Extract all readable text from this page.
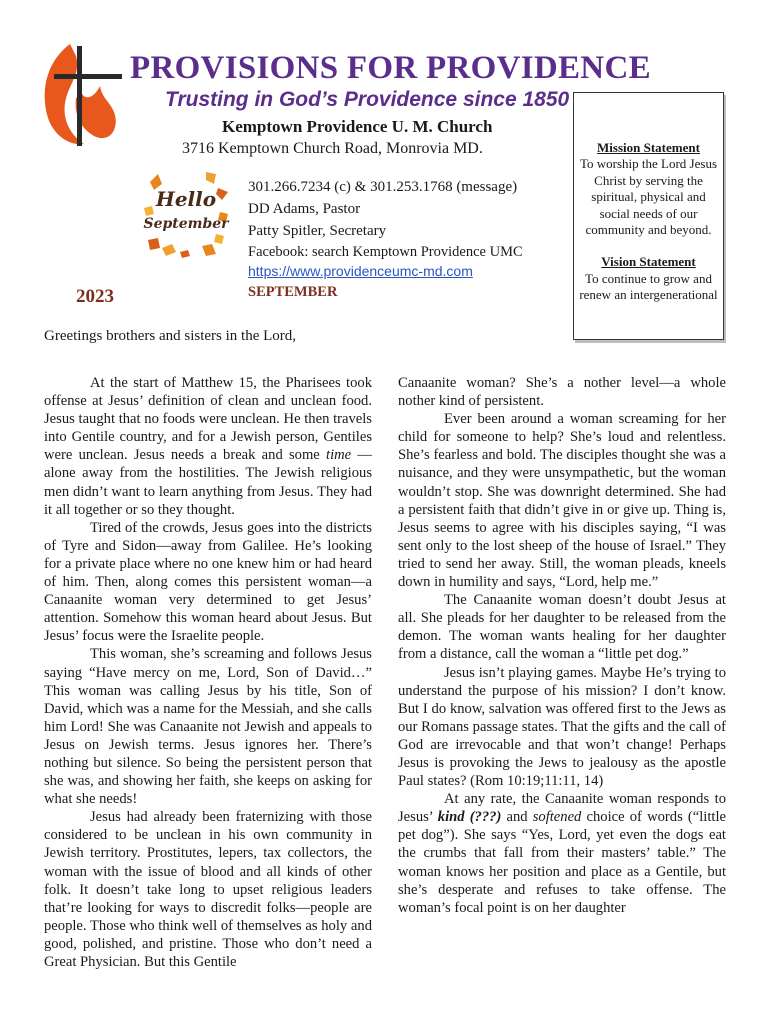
PROVISIONS FOR PROVIDENCE
Trusting in God’s Providence since 1850
Kemptown Providence U. M. Church
3716 Kemptown Church Road, Monrovia MD.
Hello
September
301.266.7234 (c) & 301.253.1768 (message)
DD Adams, Pastor
Patty Spitler, Secretary
Facebook: search Kemptown Providence UMC
https://www.providenceumc-md.com
SEPTEMBER
2023
Greetings brothers and sisters in the Lord,

Mission Statement

To worship the Lord Jesus Christ by serving the spiritual, physical and social needs of our community and beyond.

Vision Statement

To continue to grow and renew an intergenerational

At the start of Matthew 15, the Pharisees took offense at Jesus’ definition of clean and unclean food. Jesus taught that no foods were unclean. He then travels into Gentile country, and for a Jewish person, Gentiles were unclean. Jesus needs a break and some time — alone away from the hostilities. The Jewish religious men didn’t want to learn anything from Jesus. They had it all together or so they thought.

Tired of the crowds, Jesus goes into the districts of Tyre and Sidon—away from Galilee. He’s looking for a private place where no one knew him or had heard of him. Then, along comes this persistent woman—a Canaanite woman very determined to get Jesus’ attention. Somehow this woman heard about Jesus. But Jesus’ focus were the Israelite people.

This woman, she’s screaming and follows Jesus saying “Have mercy on me, Lord, Son of David…” This woman was calling Jesus by his title, Son of David, which was a name for the Messiah, and she calls him Lord! She was Canaanite not Jewish and appeals to Jesus on Jewish terms. Jesus ignores her. There’s nothing but silence. So being the persistent person that she was, and showing her faith, she keeps on asking for what she needs!

Jesus had already been fraternizing with those considered to be unclean in his own community in Jewish territory. Prostitutes, lepers, tax collectors, the woman with the issue of blood and all kinds of other folk. It doesn’t take long to upset religious leaders that’re looking for ways to discredit folks—people are people. Those who think well of themselves as holy and good, polished, and pristine. Those who don’t need a Great Physician. But this Gentile

Canaanite woman? She’s a nother level—a whole nother kind of persistent.

Ever been around a woman screaming for her child for someone to help? She’s loud and relentless. She’s fearless and bold. The disciples thought she was a nuisance, and they were unsympathetic, but the woman wouldn’t stop. She was downright determined. She had a persistent faith that didn’t give in or give up. Thing is, Jesus seems to agree with his disciples saying, “I was sent only to the lost sheep of the house of Israel.” They tried to send her away. Still, the woman pleads, kneels down in humility and says, “Lord, help me.”

The Canaanite woman doesn’t doubt Jesus at all. She pleads for her daughter to be released from the demon. The woman wants healing for her daughter from a distance, call the woman a “little pet dog.”

Jesus isn’t playing games. Maybe He’s trying to understand the purpose of his mission? I don’t know. But I do know, salvation was offered first to the Jews as our Romans passage states. That the gifts and the call of God are irrevocable and that won’t change! Perhaps Jesus is provoking the Jews to jealousy as the apostle Paul states? (Rom 10:19;11:11, 14)

At any rate, the Canaanite woman responds to Jesus’ kind (???) and softened choice of words (“little pet dog”). She says “Yes, Lord, yet even the dogs eat the crumbs that fall from their masters’ table.” The woman knows her position and place as a Gentile, but she’s desperate and refuses to take offense. The woman’s focal point is on her daughter
